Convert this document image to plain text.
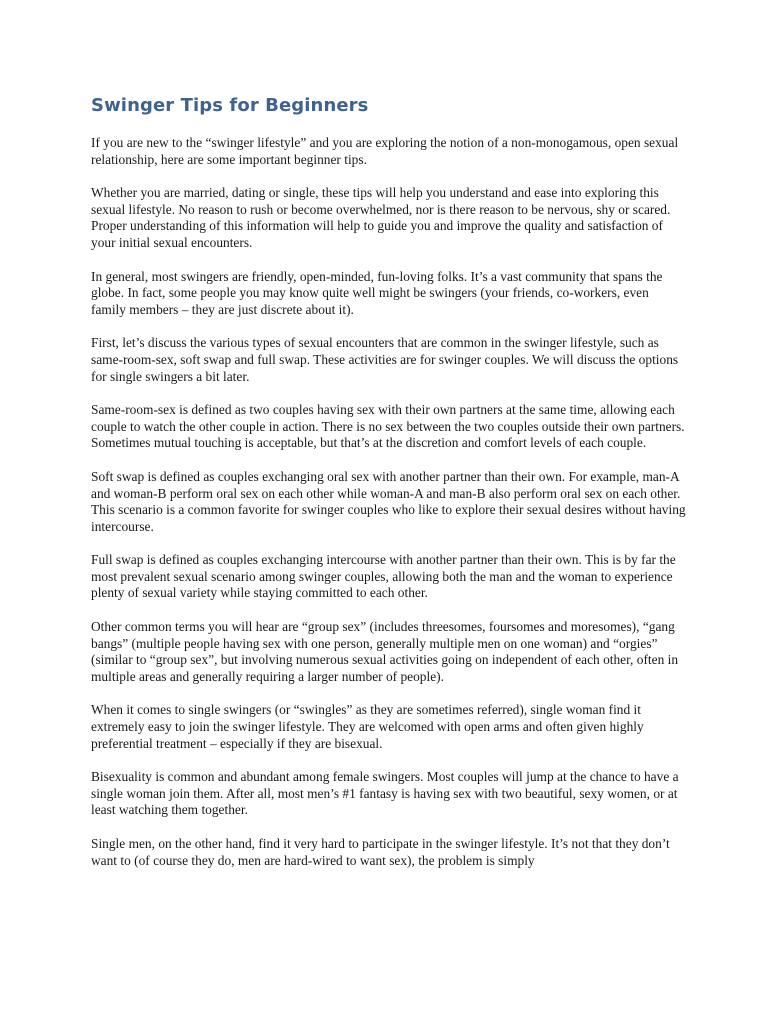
Swinger Tips for Beginners

If you are new to the “swinger lifestyle” and you are exploring the notion of a non-monogamous, open sexual relationship, here are some important beginner tips.

Whether you are married, dating or single, these tips will help you understand and ease into exploring this sexual lifestyle. No reason to rush or become overwhelmed, nor is there reason to be nervous, shy or scared. Proper understanding of this information will help to guide you and improve the quality and satisfaction of your initial sexual encounters.

In general, most swingers are friendly, open-minded, fun-loving folks. It’s a vast community that spans the globe. In fact, some people you may know quite well might be swingers (your friends, co-workers, even family members – they are just discrete about it).

First, let’s discuss the various types of sexual encounters that are common in the swinger lifestyle, such as same-room-sex, soft swap and full swap. These activities are for swinger couples. We will discuss the options for single swingers a bit later.

Same-room-sex is defined as two couples having sex with their own partners at the same time, allowing each couple to watch the other couple in action. There is no sex between the two couples outside their own partners. Sometimes mutual touching is acceptable, but that’s at the discretion and comfort levels of each couple.

Soft swap is defined as couples exchanging oral sex with another partner than their own. For example, man-A and woman-B perform oral sex on each other while woman-A and man-B also perform oral sex on each other. This scenario is a common favorite for swinger couples who like to explore their sexual desires without having intercourse.

Full swap is defined as couples exchanging intercourse with another partner than their own. This is by far the most prevalent sexual scenario among swinger couples, allowing both the man and the woman to experience plenty of sexual variety while staying committed to each other.

Other common terms you will hear are “group sex” (includes threesomes, foursomes and moresomes), “gang bangs” (multiple people having sex with one person, generally multiple men on one woman) and “orgies” (similar to “group sex”, but involving numerous sexual activities going on independent of each other, often in multiple areas and generally requiring a larger number of people).

When it comes to single swingers (or “swingles” as they are sometimes referred), single woman find it extremely easy to join the swinger lifestyle. They are welcomed with open arms and often given highly preferential treatment – especially if they are bisexual.

Bisexuality is common and abundant among female swingers. Most couples will jump at the chance to have a single woman join them. After all, most men’s #1 fantasy is having sex with two beautiful, sexy women, or at least watching them together.

Single men, on the other hand, find it very hard to participate in the swinger lifestyle. It’s not that they don’t want to (of course they do, men are hard-wired to want sex), the problem is simply
